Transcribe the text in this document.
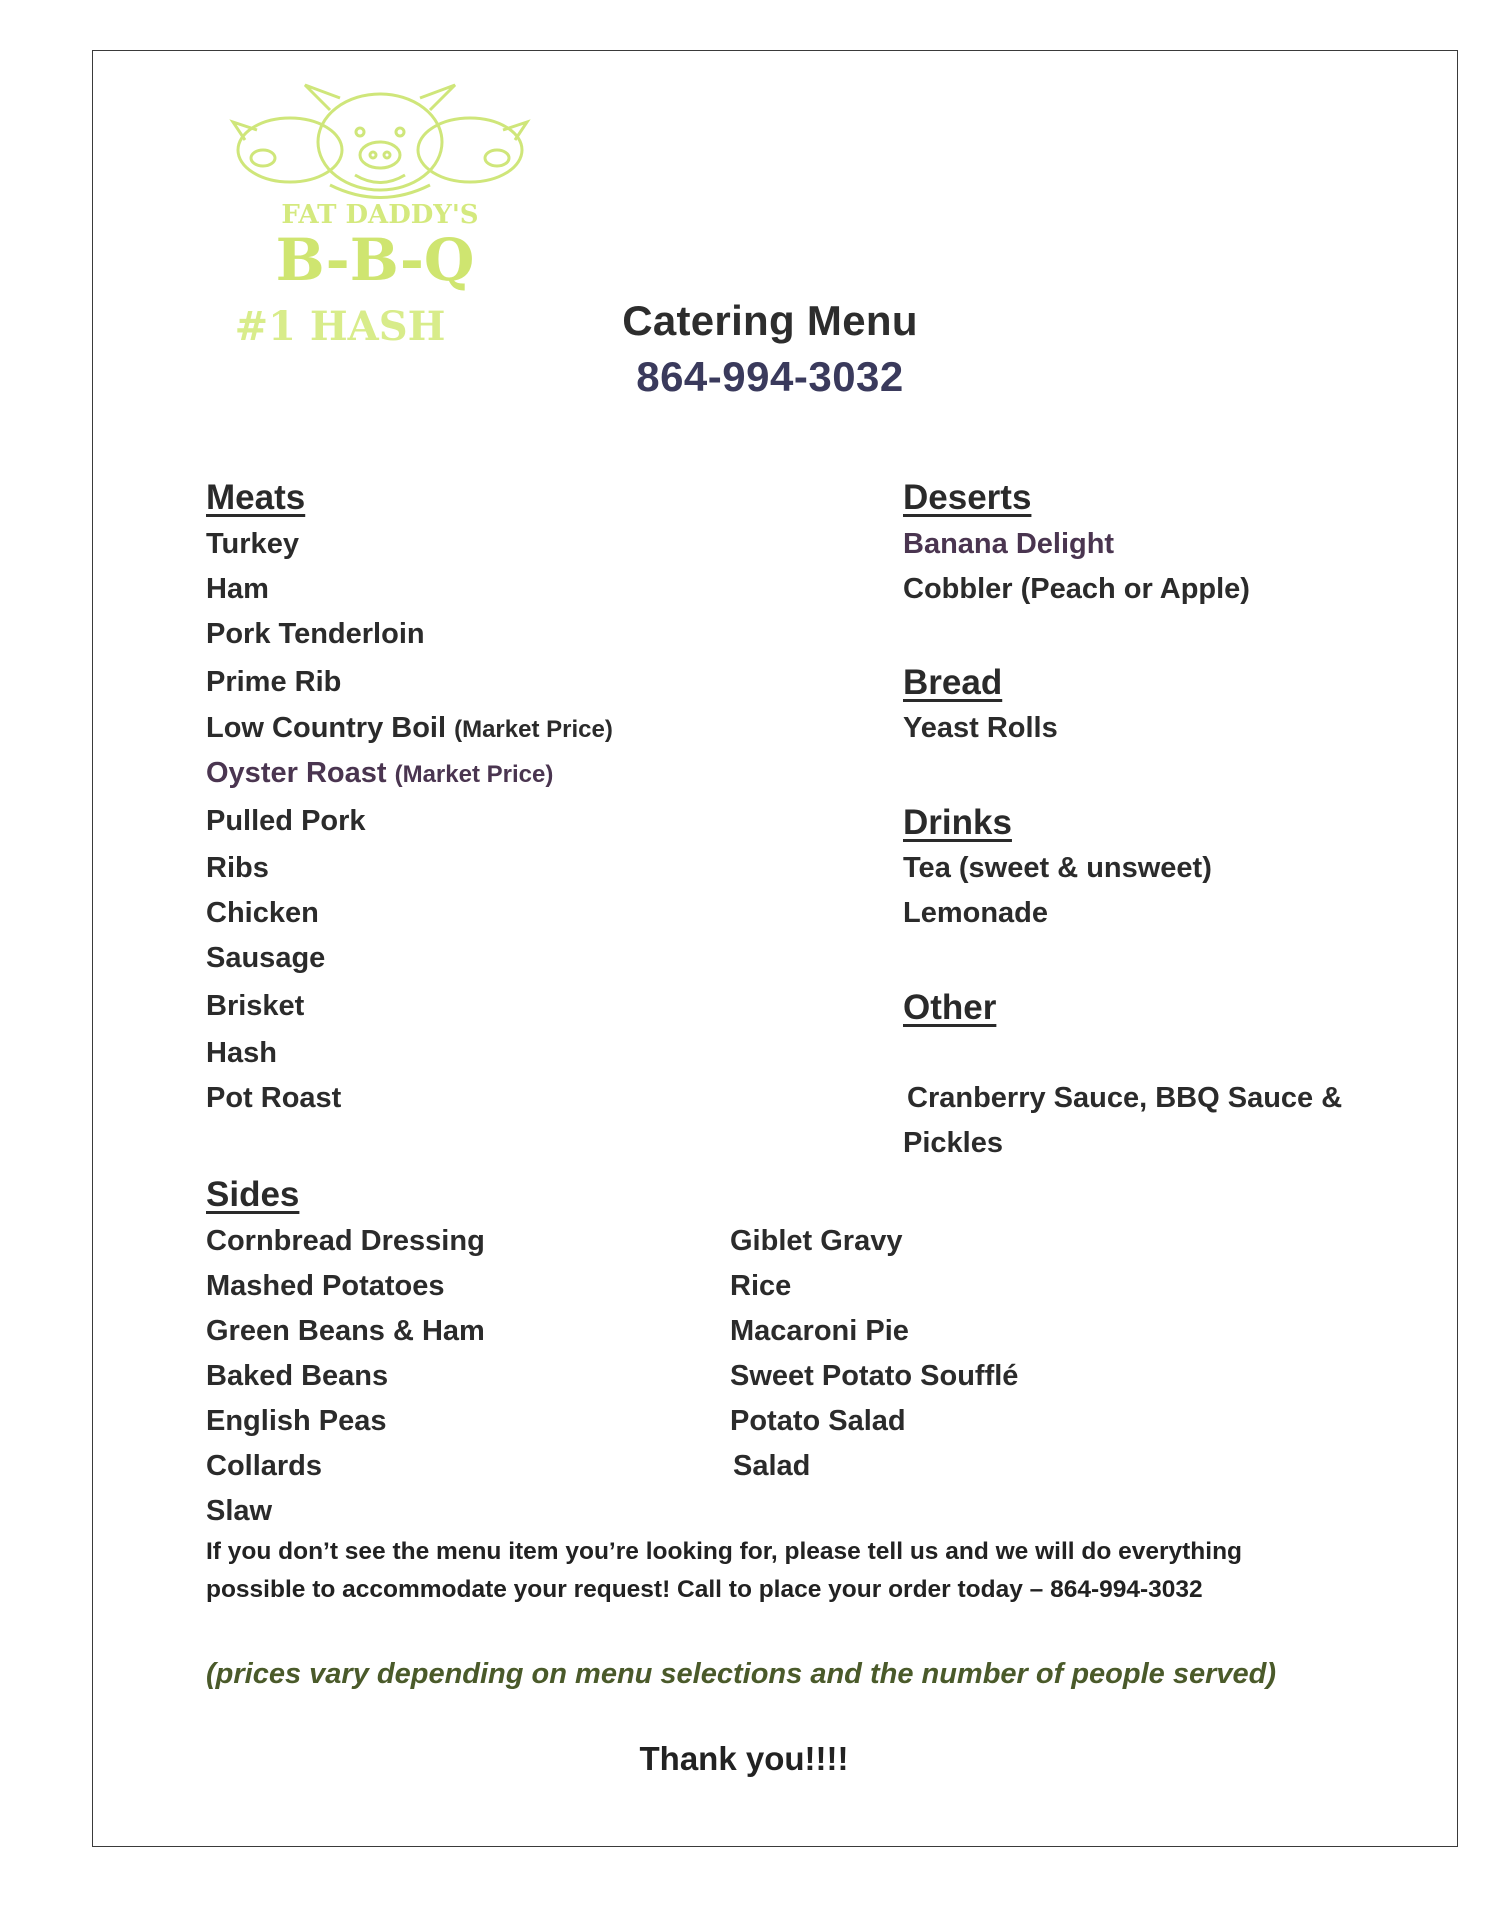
FAT DADDY'S
B-B-Q
#1 HASH	Catering Menu
864-994-3032
Meats
Turkey
Ham
Pork Tenderloin
Prime Rib
Low Country Boil (Market Price)
Oyster Roast (Market Price)
Pulled Pork
Ribs
Chicken
Sausage
Brisket
Hash
Pot Roast
Deserts
Banana Delight
Cobbler (Peach or Apple)
Bread
Yeast Rolls
Drinks
Tea (sweet & unsweet)
Lemonade
Other
Cranberry Sauce, BBQ Sauce &
Pickles
Sides
Cornbread Dressing
Mashed Potatoes
Green Beans & Ham
Baked Beans
English Peas
Collards
Slaw
Giblet Gravy
Rice
Macaroni Pie
Sweet Potato Soufflé
Potato Salad
Salad
If you don’t see the menu item you’re looking for, please tell us and we will do everything
possible to accommodate your request! Call to place your order today – 864-994-3032
(prices vary depending on menu selections and the number of people served)
Thank you!!!!
